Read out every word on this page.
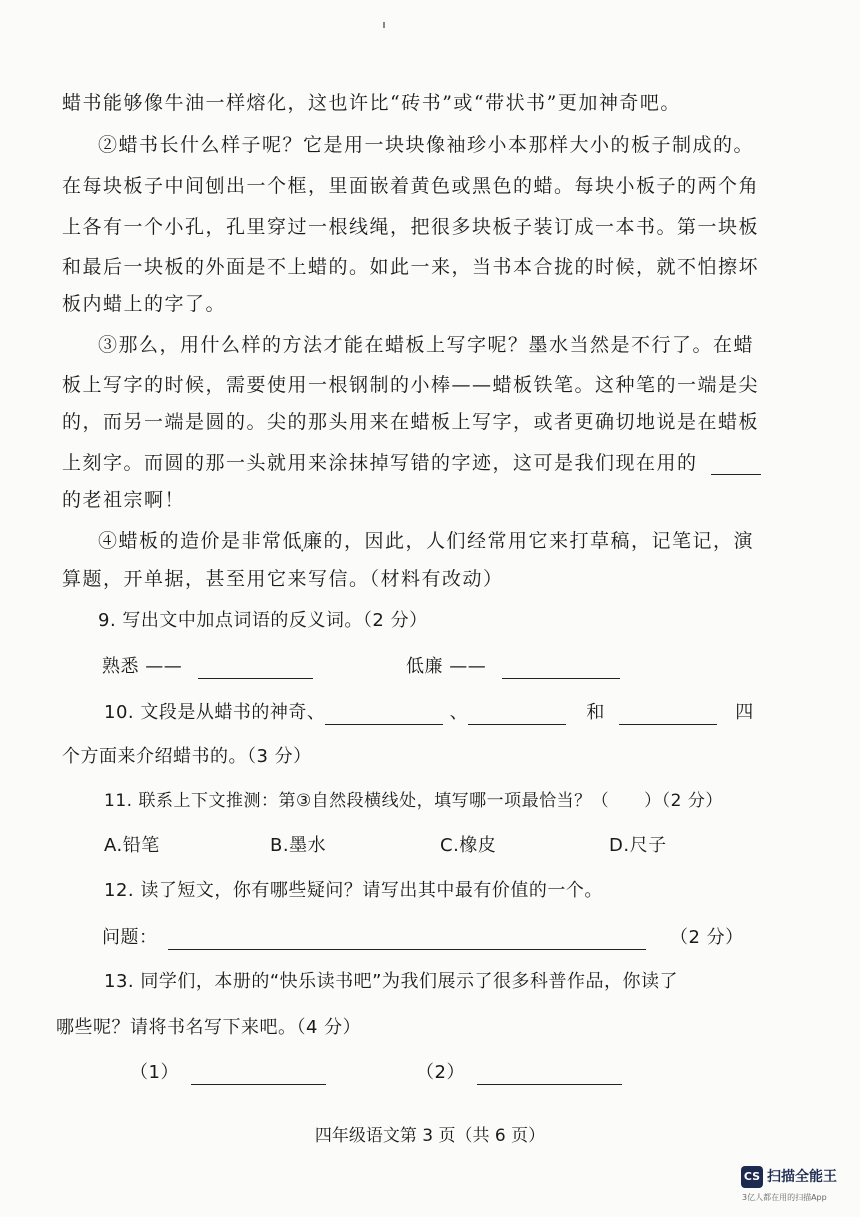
蜡书能够像牛油一样熔化，这也许比“砖书”或“带状书”更加神奇吧。
②蜡书长什么样子呢？它是用一块块像袖珍小本那样大小的板子制成的。
在每块板子中间刨出一个框，里面嵌着黄色或黑色的蜡。每块小板子的两个角
上各有一个小孔，孔里穿过一根线绳，把很多块板子装订成一本书。第一块板
和最后一块板的外面是不上蜡的。如此一来，当书本合拢的时候，就不怕擦坏
板内蜡上的字了。
③那么，用什么样的方法才能在蜡板上写字呢？墨水当然是不行了。在蜡
板上写字的时候，需要使用一根钢制的小棒——蜡板铁笔。这种笔的一端是尖
的，而另一端是圆的。尖的那头用来在蜡板上写字，或者更确切地说是在蜡板
上刻字。而圆的那一头就用来涂抹掉写错的字迹，这可是我们现在用的
的老祖宗啊！
④蜡板的造价是非常低廉的，因此，人们经常用它来打草稿，记笔记，演
算题，开单据，甚至用它来写信。（材料有改动）
9. 写出文中加点词语的反义词。（2 分）
熟悉 ——	低廉 ——
10. 文段是从蜡书的神奇、	、	和	四
个方面来介绍蜡书的。（3 分）
11. 联系上下文推测：第③自然段横线处，填写哪一项最恰当？（　　）（2 分）
A.铅笔	B.墨水	C.橡皮	D.尺子
12. 读了短文，你有哪些疑问？请写出其中最有价值的一个。
问题：	（2 分）
13. 同学们，本册的“快乐读书吧”为我们展示了很多科普作品，你读了
哪些呢？请将书名写下来吧。（4 分）
（1）	（2）
四年级语文第 3 页（共 6 页）
CS 扫描全能王
3亿人都在用的扫描App
